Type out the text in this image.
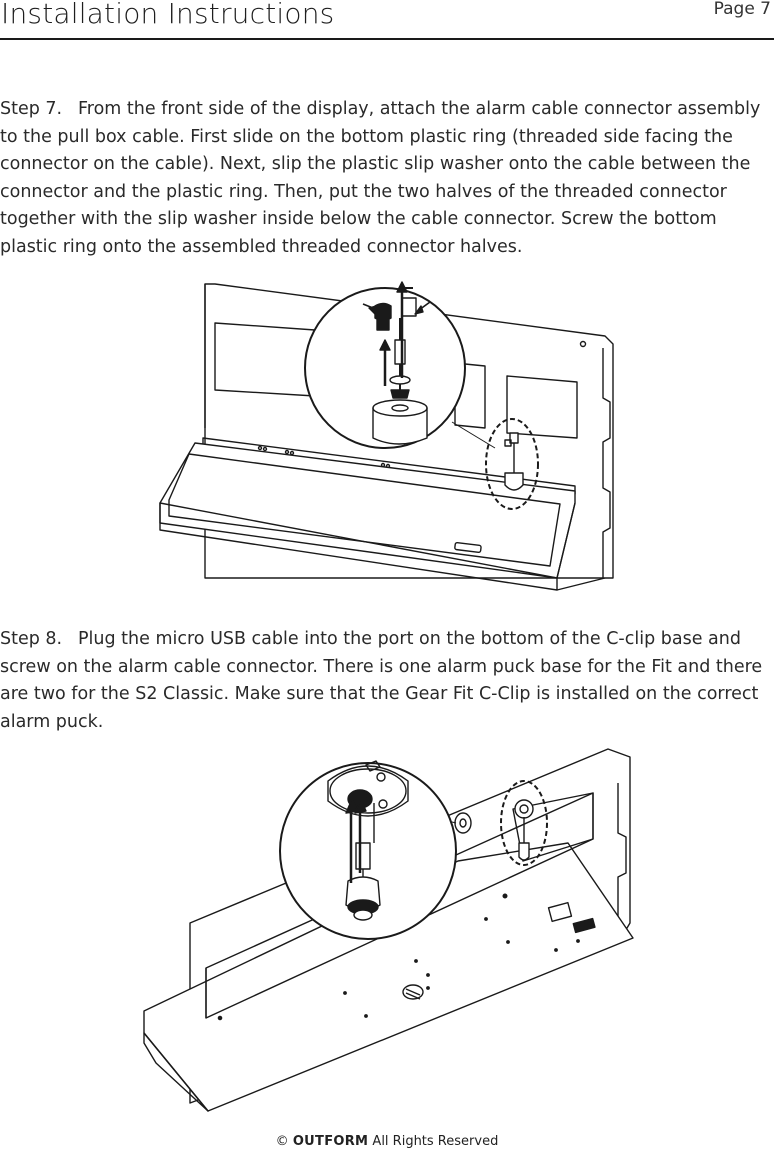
Installation Instructions	Page 7
Step 7. From the front side of the display, attach the alarm cable connector assembly to the pull box cable. First slide on the bottom plastic ring (threaded side facing the connector on the cable). Next, slip the plastic slip washer onto the cable between the connector and the plastic ring. Then, put the two halves of the threaded connector together with the slip washer inside below the cable connector. Screw the bottom plastic ring onto the assembled threaded connector halves.
Step 8. Plug the micro USB cable into the port on the bottom of the C-clip base and screw on the alarm cable connector. There is one alarm puck base for the Fit and there are two for the S2 Classic. Make sure that the Gear Fit C-Clip is installed on the correct alarm puck.
© OUTFORM All Rights Reserved
